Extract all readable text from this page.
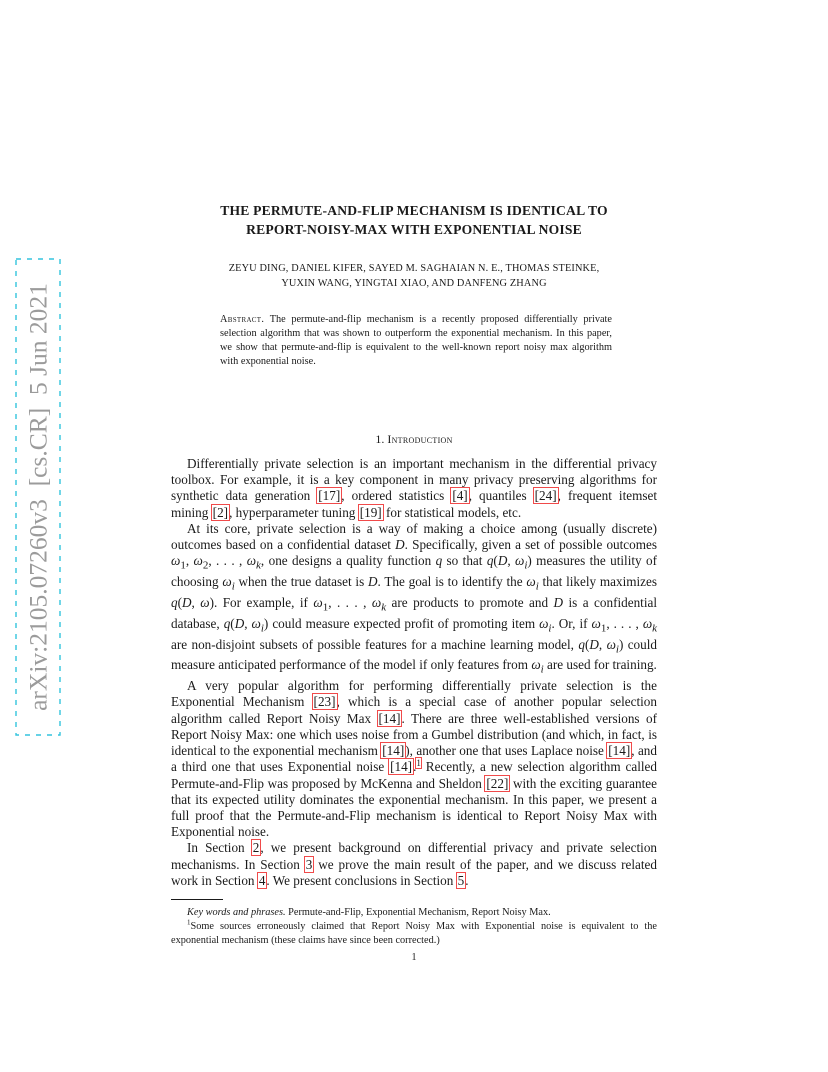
arXiv:2105.07260v3  [cs.CR]  5 Jun 2021
THE PERMUTE-AND-FLIP MECHANISM IS IDENTICAL TO
REPORT-NOISY-MAX WITH EXPONENTIAL NOISE
ZEYU DING, DANIEL KIFER, SAYED M. SAGHAIAN N. E., THOMAS STEINKE,
YUXIN WANG, YINGTAI XIAO, AND DANFENG ZHANG
Abstract. The permute-and-flip mechanism is a recently proposed differentially private selection algorithm that was shown to outperform the exponential mechanism. In this paper, we show that permute-and-flip is equivalent to the well-known report noisy max algorithm with exponential noise.
1. Introduction

Differentially private selection is an important mechanism in the differential privacy toolbox. For example, it is a key component in many privacy preserving algorithms for synthetic data generation [17], ordered statistics [4], quantiles [24], frequent itemset mining [2], hyperparameter tuning [19] for statistical models, etc.

At its core, private selection is a way of making a choice among (usually discrete) outcomes based on a confidential dataset D. Specifically, given a set of possible outcomes $\omega_1$, $\omega_2$, . . . , $\omega_k$, one designs a quality function q so that q(D, $\omega_i$) measures the utility of choosing $\omega_i$ when the true dataset is D. The goal is to identify the $\omega_i$ that likely maximizes q(D, ω). For example, if $\omega_1$, . . . , $\omega_k$ are products to promote and D is a confidential database, q(D, $\omega_i$) could measure expected profit of promoting item $\omega_i$. Or, if $\omega_1$, . . . , $\omega_k$ are non-disjoint subsets of possible features for a machine learning model, q(D, $\omega_i$) could measure anticipated performance of the model if only features from $\omega_i$ are used for training.

A very popular algorithm for performing differentially private selection is the Exponential Mechanism [23], which is a special case of another popular selection algorithm called Report Noisy Max [14]. There are three well-established versions of Report Noisy Max: one which uses noise from a Gumbel distribution (and which, in fact, is identical to the exponential mechanism [14]), another one that uses Laplace noise [14], and a third one that uses Exponential noise [14].$^1$ Recently, a new selection algorithm called Permute-and-Flip was proposed by McKenna and Sheldon [22] with the exciting guarantee that its expected utility dominates the exponential mechanism. In this paper, we present a full proof that the Permute-and-Flip mechanism is identical to Report Noisy Max with Exponential noise.

In Section 2, we present background on differential privacy and private selection mechanisms. In Section 3 we prove the main result of the paper, and we discuss related work in Section 4. We present conclusions in Section 5.

Key words and phrases. Permute-and-Flip, Exponential Mechanism, Report Noisy Max.

$^1$Some sources erroneously claimed that Report Noisy Max with Exponential noise is equivalent to the exponential mechanism (these claims have since been corrected.)

1
